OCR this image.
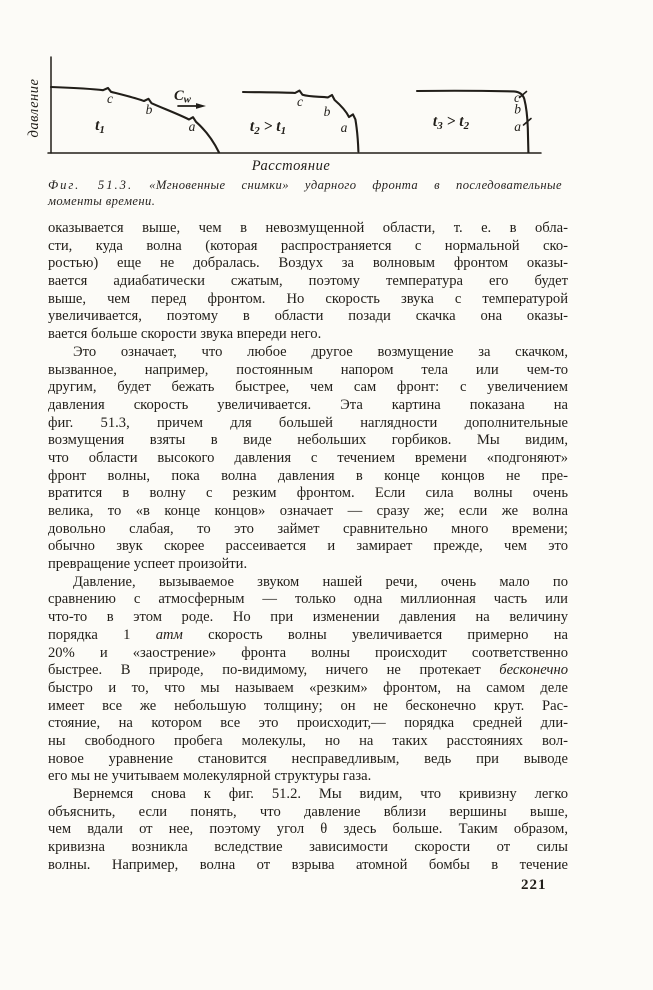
давление
Расстояние
c
b
a
t1
Cw	c
b
a
t2 > t1
c
b
a
t3 > t2
Фиг. 51.3. «Мгновенные снимки» ударного фронта в последовательные
моменты времени.
оказывается выше, чем в невозмущенной области, т. е. в обла-
сти, куда волна (которая распространяется с нормальной ско-
ростью) еще не добралась. Воздух за волновым фронтом оказы-
вается адиабатически сжатым, поэтому температура его будет
выше, чем перед фронтом. Но скорость звука с температурой
увеличивается, поэтому в области позади скачка она оказы-
вается больше скорости звука впереди него.
Это означает, что любое другое возмущение за скачком,
вызванное, например, постоянным напором тела или чем-то
другим, будет бежать быстрее, чем сам фронт: с увеличением
давления скорость увеличивается. Эта картина показана на
фиг. 51.3, причем для большей наглядности дополнительные
возмущения взяты в виде небольших горбиков. Мы видим,
что области высокого давления с течением времени «подгоняют»
фронт волны, пока волна давления в конце концов не пре-
вратится в волну с резким фронтом. Если сила волны очень
велика, то «в конце концов» означает — сразу же; если же волна
довольно слабая, то это займет сравнительно много времени;
обычно звук скорее рассеивается и замирает прежде, чем это
превращение успеет произойти.
Давление, вызываемое звуком нашей речи, очень мало по
сравнению с атмосферным — только одна миллионная часть или
что-то в этом роде. Но при изменении давления на величину
порядка 1 атм скорость волны увеличивается примерно на
20% и «заострение» фронта волны происходит соответственно
быстрее. В природе, по-видимому, ничего не протекает бесконечно
быстро и то, что мы называем «резким» фронтом, на самом деле
имеет все же небольшую толщину; он не бесконечно крут. Рас-
стояние, на котором все это происходит,— порядка средней дли-
ны свободного пробега молекулы, но на таких расстояниях вол-
новое уравнение становится несправедливым, ведь при выводе
его мы не учитываем молекулярной структуры газа.
Вернемся снова к фиг. 51.2. Мы видим, что кривизну легко
объяснить, если понять, что давление вблизи вершины выше,
чем вдали от нее, поэтому угол θ здесь больше. Таким образом,
кривизна возникла вследствие зависимости скорости от силы
волны. Например, волна от взрыва атомной бомбы в течение
221
